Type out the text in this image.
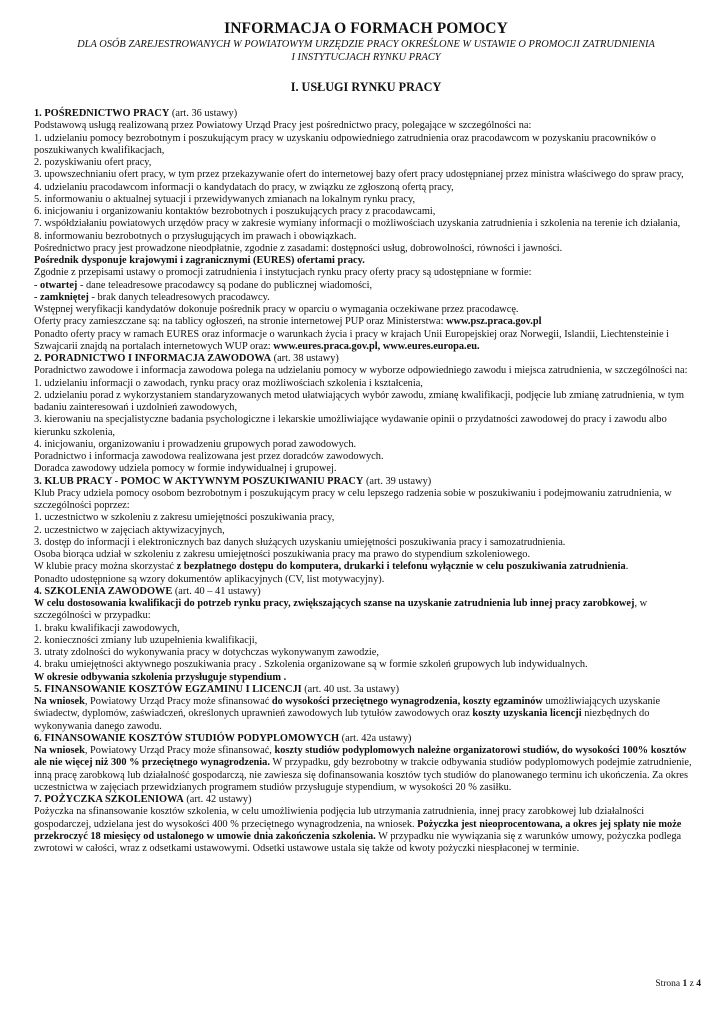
INFORMACJA O FORMACH POMOCY
DLA OSÓB ZAREJESTROWANYCH W POWIATOWYM URZĘDZIE PRACY OKREŚLONE W USTAWIE O PROMOCJI ZATRUDNIENIA
I INSTYTUCJACH RYNKU PRACY
I. USŁUGI RYNKU PRACY

1. POŚREDNICTWO PRACY (art. 36 ustawy)

Podstawową usługą realizowaną przez Powiatowy Urząd Pracy jest pośrednictwo pracy, polegające w szczególności na:

1. udzielaniu pomocy bezrobotnym i poszukującym pracy w uzyskaniu odpowiedniego zatrudnienia oraz pracodawcom w pozyskaniu pracowników o poszukiwanych kwalifikacjach,

2. pozyskiwaniu ofert pracy,

3. upowszechnianiu ofert pracy, w tym przez przekazywanie ofert do internetowej bazy ofert pracy udostępnianej przez ministra właściwego do spraw pracy,

4. udzielaniu pracodawcom informacji o kandydatach do pracy, w związku ze zgłoszoną ofertą pracy,

5. informowaniu o aktualnej sytuacji i przewidywanych zmianach na lokalnym rynku pracy,

6. inicjowaniu i organizowaniu kontaktów bezrobotnych i poszukujących pracy z pracodawcami,

7. współdziałaniu powiatowych urzędów pracy w zakresie wymiany informacji o możliwościach uzyskania zatrudnienia i szkolenia na terenie ich działania,

8. informowaniu bezrobotnych o przysługujących im prawach i obowiązkach.

Pośrednictwo pracy jest prowadzone nieodpłatnie, zgodnie z zasadami: dostępności usług, dobrowolności, równości i jawności.

Pośrednik dysponuje krajowymi i zagranicznymi (EURES) ofertami pracy.

Zgodnie z przepisami ustawy o promocji zatrudnienia i instytucjach rynku pracy oferty pracy są udostępniane w formie:

- otwartej - dane teleadresowe pracodawcy są podane do publicznej wiadomości,

- zamkniętej - brak danych teleadresowych pracodawcy.

Wstępnej weryfikacji kandydatów dokonuje pośrednik pracy w oparciu o wymagania oczekiwane przez pracodawcę.

Oferty pracy zamieszczane są: na tablicy ogłoszeń, na stronie internetowej PUP oraz Ministerstwa: www.psz.praca.gov.pl

Ponadto oferty pracy w ramach EURES oraz informacje o warunkach życia i pracy w krajach Unii Europejskiej oraz Norwegii, Islandii, Liechtensteinie i Szwajcarii znajdą na portalach internetowych WUP oraz: www.eures.praca.gov.pl, www.eures.europa.eu.

2. PORADNICTWO I INFORMACJA ZAWODOWA (art. 38 ustawy)

Poradnictwo zawodowe i informacja zawodowa polega na udzielaniu pomocy w wyborze odpowiedniego zawodu i miejsca zatrudnienia, w szczególności na:

1. udzielaniu informacji o zawodach, rynku pracy oraz możliwościach szkolenia i kształcenia,

2. udzielaniu porad z wykorzystaniem standaryzowanych metod ułatwiających wybór zawodu, zmianę kwalifikacji, podjęcie lub zmianę zatrudnienia, w tym badaniu zainteresowań i uzdolnień zawodowych,

3. kierowaniu na specjalistyczne badania psychologiczne i lekarskie umożliwiające wydawanie opinii o przydatności zawodowej do pracy i zawodu albo kierunku szkolenia,

4. inicjowaniu, organizowaniu i prowadzeniu grupowych porad zawodowych.

Poradnictwo i informacja zawodowa realizowana jest przez doradców zawodowych.

Doradca zawodowy udziela pomocy w formie indywidualnej i grupowej.

3. KLUB PRACY - POMOC W AKTYWNYM POSZUKIWANIU PRACY (art. 39 ustawy)

Klub Pracy udziela pomocy osobom bezrobotnym i poszukującym pracy w celu lepszego radzenia sobie w poszukiwaniu i podejmowaniu zatrudnienia, w szczególności poprzez:

1. uczestnictwo w szkoleniu z zakresu umiejętności poszukiwania pracy,

2. uczestnictwo w zajęciach aktywizacyjnych,

3. dostęp do informacji i elektronicznych baz danych służących uzyskaniu umiejętności poszukiwania pracy i samozatrudnienia.

Osoba biorąca udział w szkoleniu z zakresu umiejętności poszukiwania pracy ma prawo do stypendium szkoleniowego.

W klubie pracy można skorzystać z bezpłatnego dostępu do komputera, drukarki i telefonu wyłącznie w celu poszukiwania zatrudnienia.

Ponadto udostępnione są wzory dokumentów aplikacyjnych (CV, list motywacyjny).

4. SZKOLENIA ZAWODOWE (art. 40 – 41 ustawy)

W celu dostosowania kwalifikacji do potrzeb rynku pracy, zwiększających szanse na uzyskanie zatrudnienia lub innej pracy zarobkowej, w szczególności w przypadku:

1. braku kwalifikacji zawodowych,

2. konieczności zmiany lub uzupełnienia kwalifikacji,

3. utraty zdolności do wykonywania pracy w dotychczas wykonywanym zawodzie,

4. braku umiejętności aktywnego poszukiwania pracy . Szkolenia organizowane są w formie szkoleń grupowych lub indywidualnych.

W okresie odbywania szkolenia przysługuje stypendium .

5. FINANSOWANIE KOSZTÓW EGZAMINU I LICENCJI (art. 40 ust. 3a ustawy)

Na wniosek, Powiatowy Urząd Pracy może sfinansować do wysokości przeciętnego wynagrodzenia, koszty egzaminów umożliwiających uzyskanie świadectw, dyplomów, zaświadczeń, określonych uprawnień zawodowych lub tytułów zawodowych oraz koszty uzyskania licencji niezbędnych do wykonywania danego zawodu.

6. FINANSOWANIE KOSZTÓW STUDIÓW PODYPLOMOWYCH (art. 42a ustawy)

Na wniosek, Powiatowy Urząd Pracy może sfinansować, koszty studiów podyplomowych należne organizatorowi studiów, do wysokości 100% kosztów ale nie więcej niż 300 % przeciętnego wynagrodzenia. W przypadku, gdy bezrobotny w trakcie odbywania studiów podyplomowych podejmie zatrudnienie, inną pracę zarobkową lub działalność gospodarczą, nie zawiesza się dofinansowania kosztów tych studiów do planowanego terminu ich ukończenia. Za okres uczestnictwa w zajęciach przewidzianych programem studiów przysługuje stypendium, w wysokości 20 % zasiłku.

7. POŻYCZKA SZKOLENIOWA (art. 42 ustawy)

Pożyczka na sfinansowanie kosztów szkolenia, w celu umożliwienia podjęcia lub utrzymania zatrudnienia, innej pracy zarobkowej lub działalności gospodarczej, udzielana jest do wysokości 400 % przeciętnego wynagrodzenia, na wniosek. Pożyczka jest nieoprocentowana, a okres jej spłaty nie może przekroczyć 18 miesięcy od ustalonego w umowie dnia zakończenia szkolenia. W przypadku nie wywiązania się z warunków umowy, pożyczka podlega zwrotowi w całości, wraz z odsetkami ustawowymi. Odsetki ustawowe ustala się także od kwoty pożyczki niespłaconej w terminie.

Strona 1 z 4
